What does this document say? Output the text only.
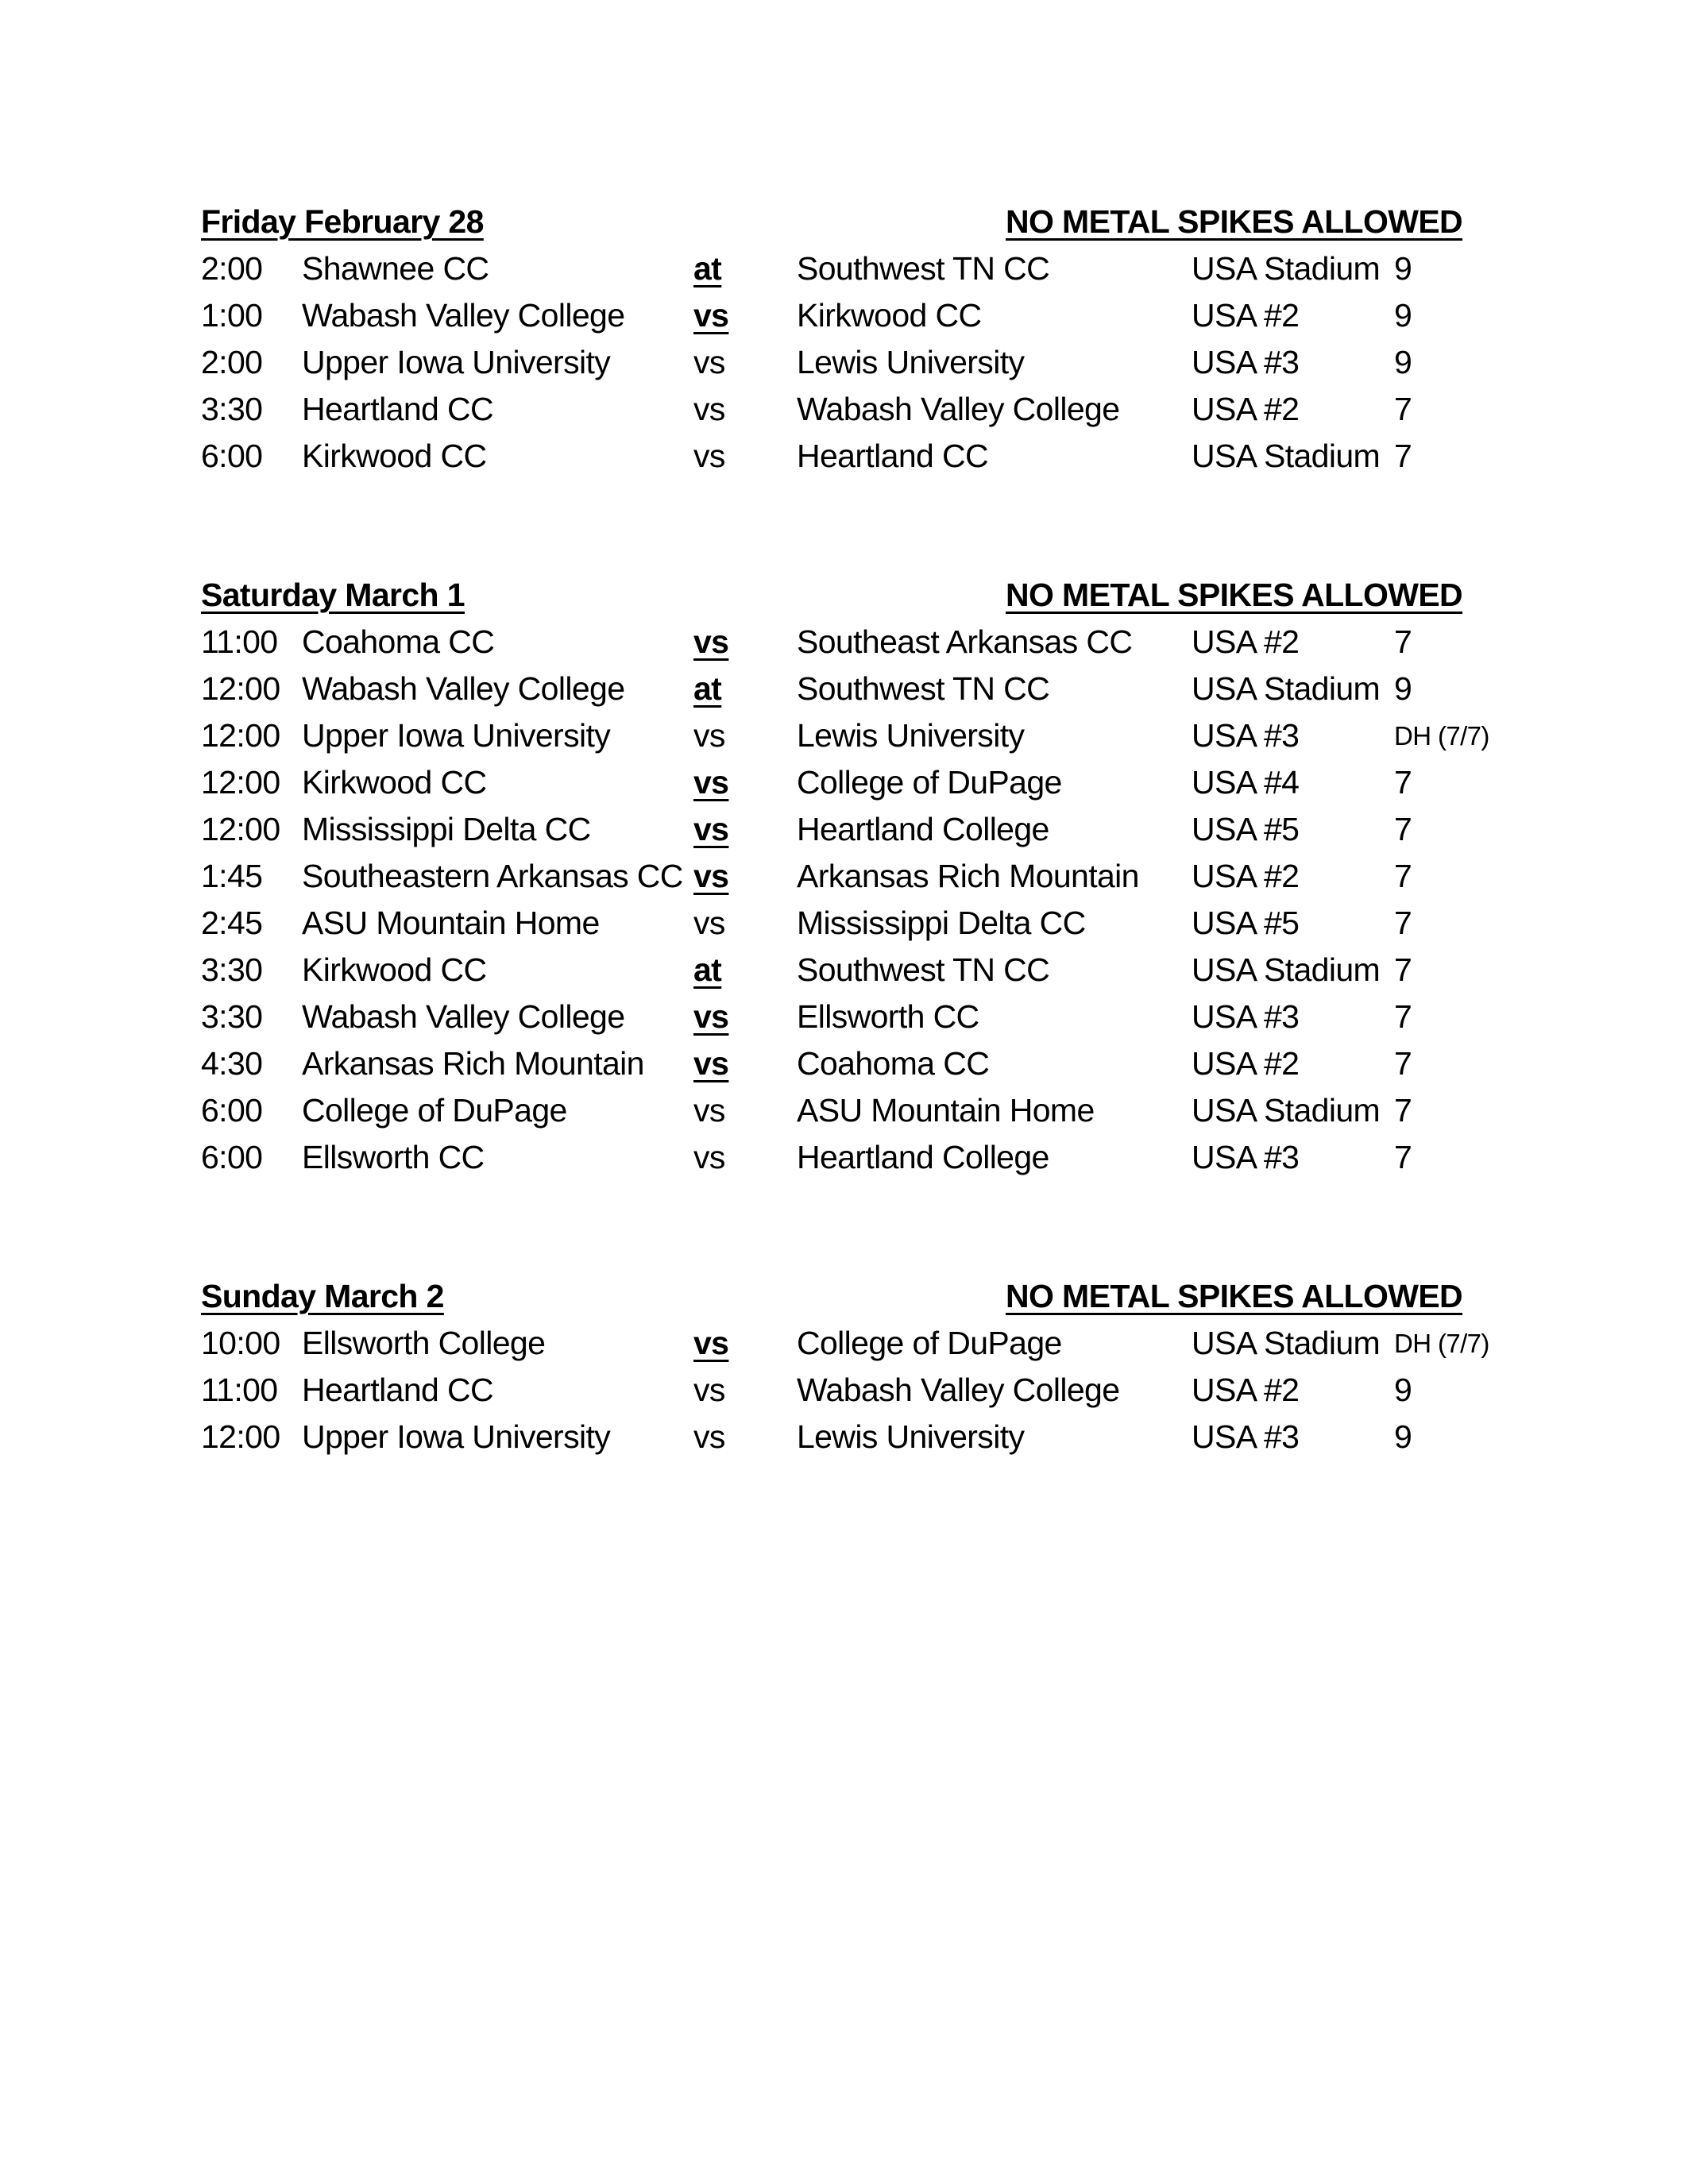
Friday February 28	NO METAL SPIKES ALLOWED
2:00	Shawnee CC	at	Southwest TN CC	USA Stadium 9
1:00	Wabash Valley College	vs	Kirkwood CC	USA #2	9
2:00	Upper Iowa University	vs	Lewis University	USA #3	9
3:30	Heartland CC	vs	Wabash Valley College	USA #2	7
6:00	Kirkwood CC	vs	Heartland CC	USA Stadium 7
Saturday March 1	NO METAL SPIKES ALLOWED
11:00 Coahoma CC	vs	Southeast Arkansas CC	USA #2	7
12:00 Wabash Valley College	at	Southwest TN CC	USA Stadium 9
12:00 Upper Iowa University	vs	Lewis University	USA #3	DH (7/7)
12:00 Kirkwood CC	vs	College of DuPage	USA #4	7
12:00 Mississippi Delta CC	vs	Heartland College	USA #5	7
1:45	Southeastern Arkansas CC vs	Arkansas Rich Mountain	USA #2	7
2:45	ASU Mountain Home	vs	Mississippi Delta CC	USA #5	7
3:30	Kirkwood CC	at	Southwest TN CC	USA Stadium 7
3:30	Wabash Valley College	vs	Ellsworth CC	USA #3	7
4:30	Arkansas Rich Mountain	vs	Coahoma CC	USA #2	7
6:00	College of DuPage	vs	ASU Mountain Home	USA Stadium 7
6:00	Ellsworth CC	vs	Heartland College	USA #3	7
Sunday March 2	NO METAL SPIKES ALLOWED
10:00 Ellsworth College	vs	College of DuPage	USA Stadium DH (7/7)
11:00 Heartland CC	vs	Wabash Valley College	USA #2	9
12:00 Upper Iowa University	vs	Lewis University	USA #3	9
